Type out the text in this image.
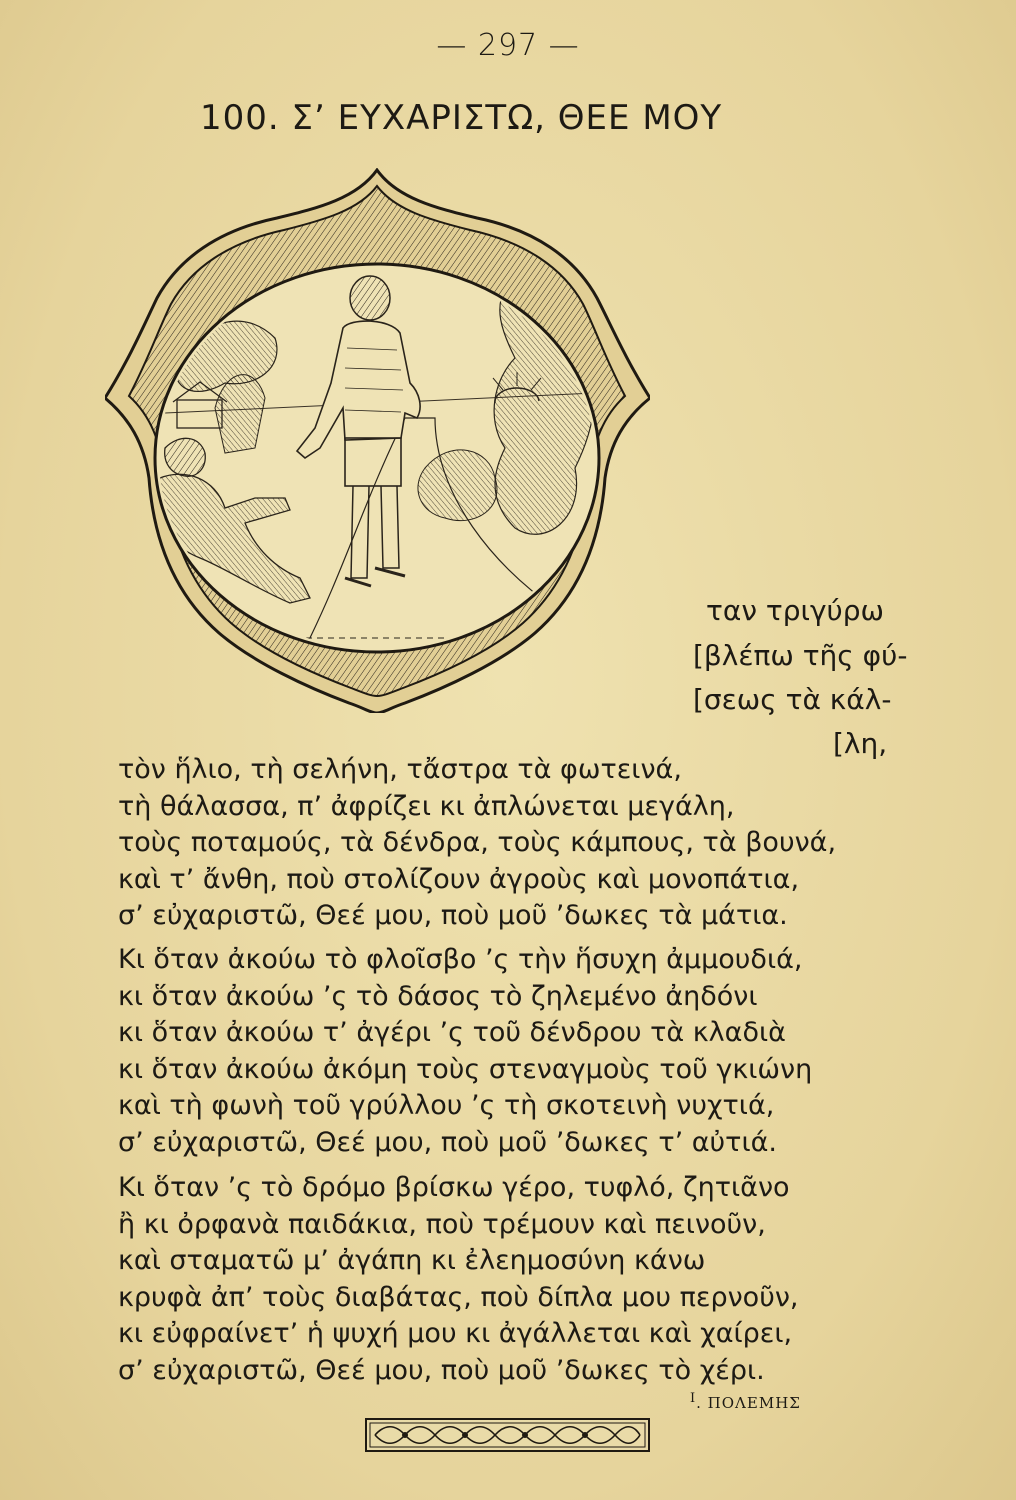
— 297 —
100. Σ’ ΕΥΧΑΡΙΣΤΩ, ΘΕΕ ΜΟΥ
ταν τριγύρω
[βλέπω τῆς φύ-
[σεως τὰ κάλ-
[λη,
τὸν ἥλιο, τὴ σελήνη, τἄστρα τὰ φωτεινά,
τὴ θάλασσα, π’ ἀφρίζει κι ἀπλώνεται μεγάλη,
τοὺς ποταμούς, τὰ δένδρα, τοὺς κάμπους, τὰ βουνά,
καὶ τ’ ἄνθη, ποὺ στολίζουν ἀγροὺς καὶ μονοπάτια,
σ’ εὐχαριστῶ, Θεέ μου, ποὺ μοῦ ’δωκες τὰ μάτια.
Κι ὅταν ἀκούω τὸ φλοῖσβο ’ς τὴν ἥσυχη ἀμμουδιά,
κι ὅταν ἀκούω ’ς τὸ δάσος τὸ ζηλεμένο ἀηδόνι
κι ὅταν ἀκούω τ’ ἀγέρι ’ς τοῦ δένδρου τὰ κλαδιὰ
κι ὅταν ἀκούω ἀκόμη τοὺς στεναγμοὺς τοῦ γκιώνη
καὶ τὴ φωνὴ τοῦ γρύλλου ’ς τὴ σκοτεινὴ νυχτιά,
σ’ εὐχαριστῶ, Θεέ μου, ποὺ μοῦ ’δωκες τ’ αὐτιά.
Κι ὅταν ’ς τὸ δρόμο βρίσκω γέρο, τυφλό, ζητιᾶνο
ἢ κι ὀρφανὰ παιδάκια, ποὺ τρέμουν καὶ πεινοῦν,
καὶ σταματῶ μ’ ἀγάπη κι ἐλεημοσύνη κάνω
κρυφὰ ἀπ’ τοὺς διαβάτας, ποὺ δίπλα μου περνοῦν,
κι εὐφραίνετ’ ἡ ψυχή μου κι ἀγάλλεται καὶ χαίρει,
σ’ εὐχαριστῶ, Θεέ μου, ποὺ μοῦ ’δωκες τὸ χέρι.
$^I$. ΠΟΛΕΜΗΣ
